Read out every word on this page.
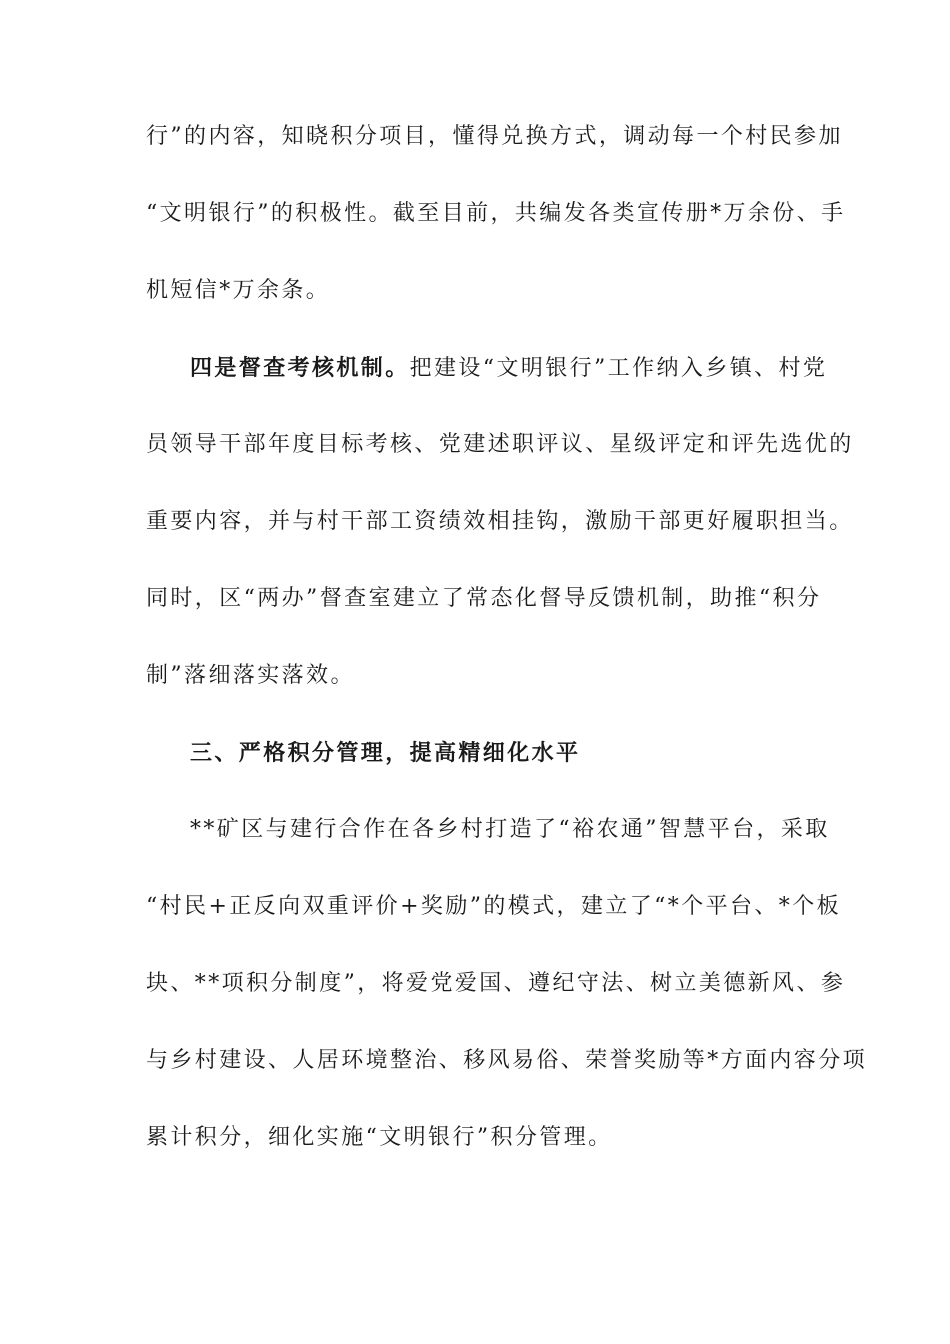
行”的内容，知晓积分项目，懂得兑换方式，调动每一个村民参加
“文明银行”的积极性。截至目前，共编发各类宣传册*万余份、手
机短信*万余条。
四是督查考核机制。把建设“文明银行”工作纳入乡镇、村党
员领导干部年度目标考核、党建述职评议、星级评定和评先选优的
重要内容，并与村干部工资绩效相挂钩，激励干部更好履职担当。
同时，区“两办”督查室建立了常态化督导反馈机制，助推“积分
制”落细落实落效。
三、严格积分管理，提高精细化水平
**矿区与建行合作在各乡村打造了“裕农通”智慧平台，采取
“村民+正反向双重评价+奖励”的模式，建立了“*个平台、*个板
块、**项积分制度”，将爱党爱国、遵纪守法、树立美德新风、参
与乡村建设、人居环境整治、移风易俗、荣誉奖励等*方面内容分项
累计积分，细化实施“文明银行”积分管理。
